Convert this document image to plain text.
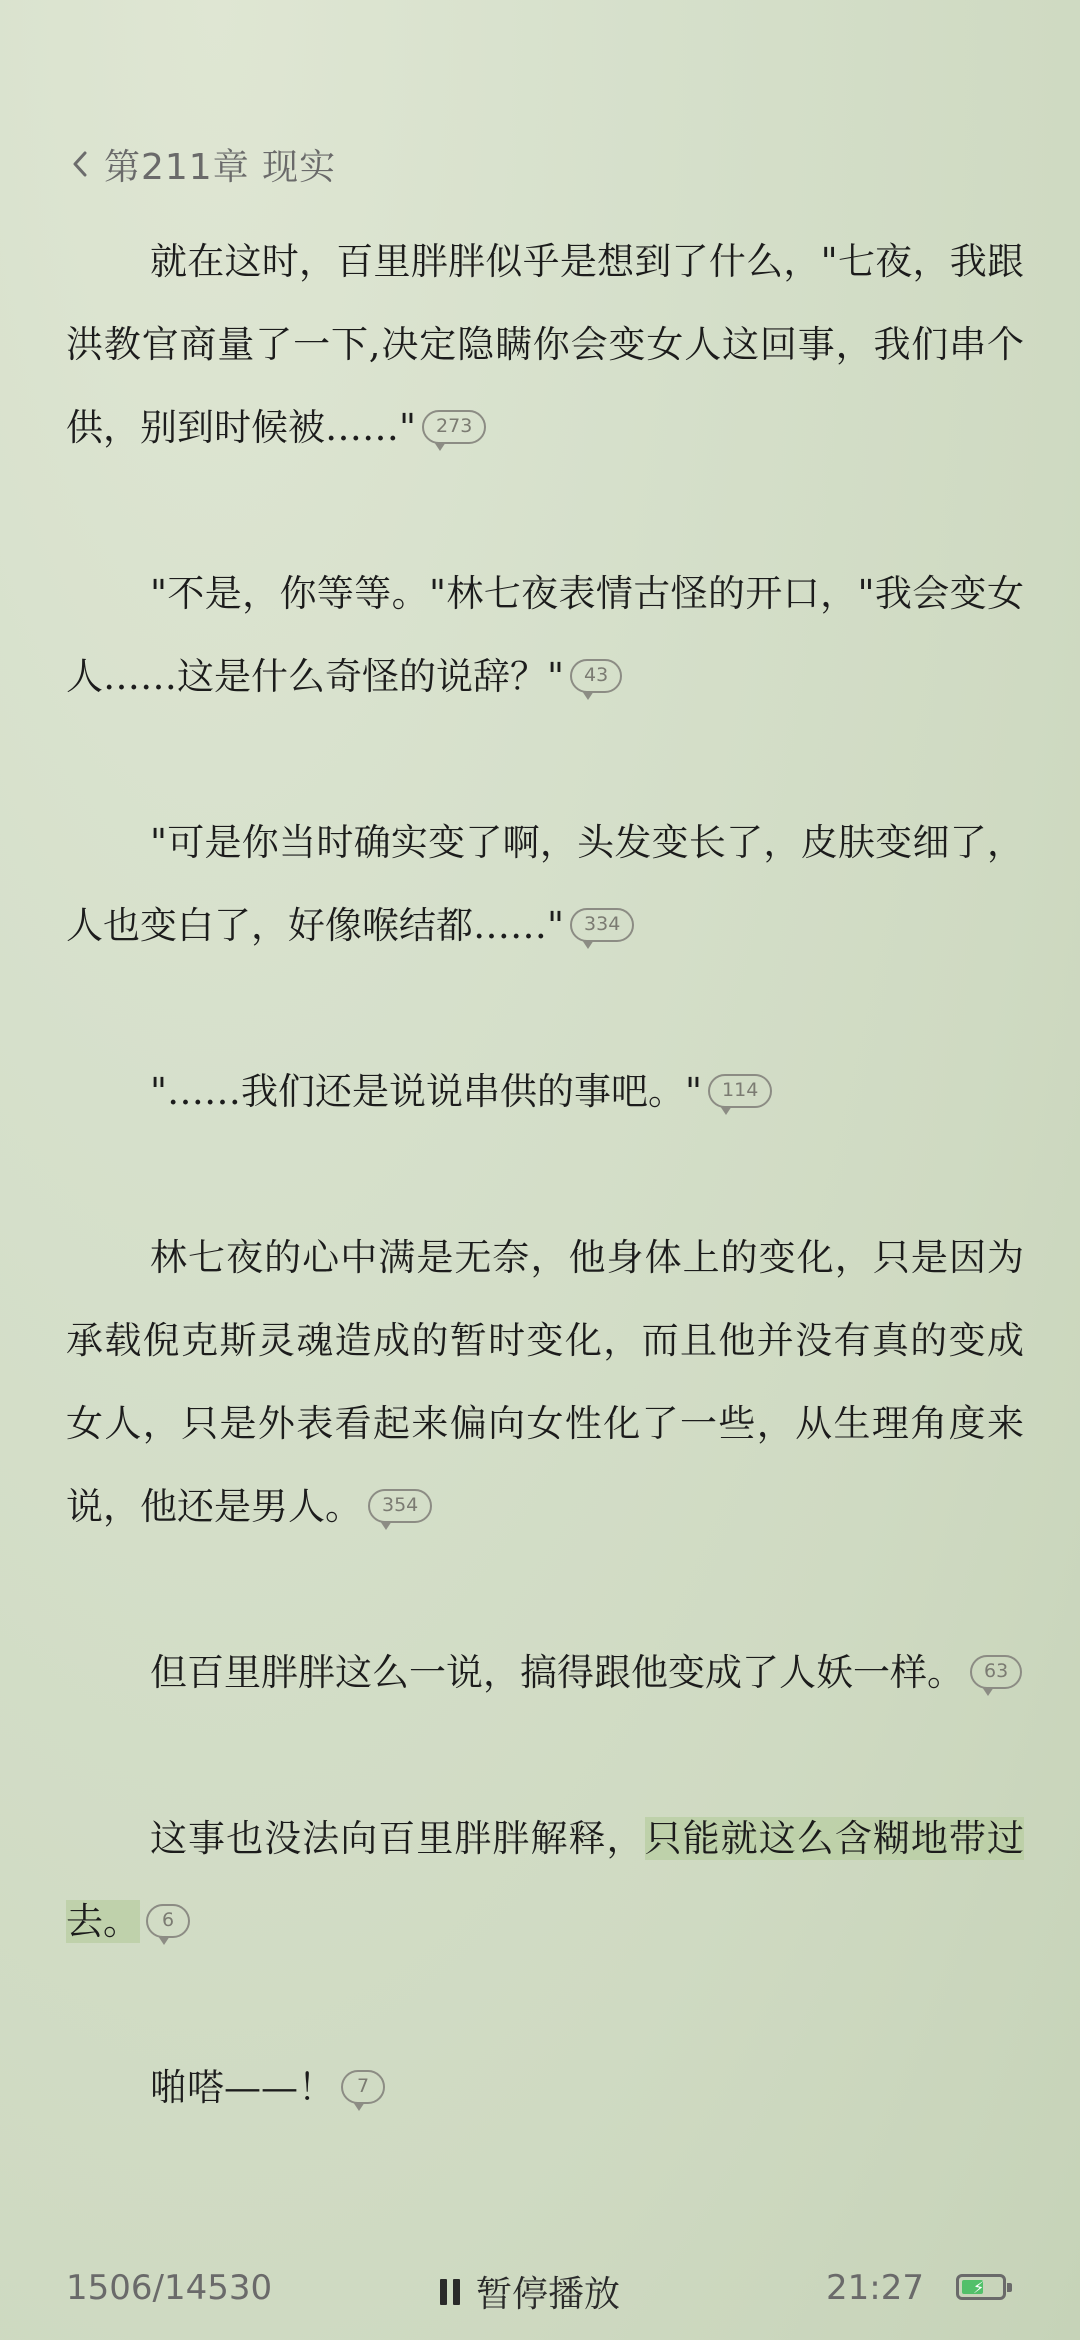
第211章 现实

就在这时，百里胖胖似乎是想到了什么，"七夜，我跟洪教官商量了一下,决定隐瞒你会变女人这回事，我们串个供，别到时候被……" 273

"不是，你等等。"林七夜表情古怪的开口，"我会变女人……这是什么奇怪的说辞？" 43

"可是你当时确实变了啊，头发变长了，皮肤变细了，人也变白了，好像喉结都……" 334

"……我们还是说说串供的事吧。" 114

林七夜的心中满是无奈，他身体上的变化，只是因为承载倪克斯灵魂造成的暂时变化，而且他并没有真的变成女人，只是外表看起来偏向女性化了一些，从生理角度来说，他还是男人。 354

但百里胖胖这么一说，搞得跟他变成了人妖一样。 63

这事也没法向百里胖胖解释，只能就这么含糊地带过去。 6

啪嗒——！ 7

1506/14530	暂停播放	21:27	⚡
